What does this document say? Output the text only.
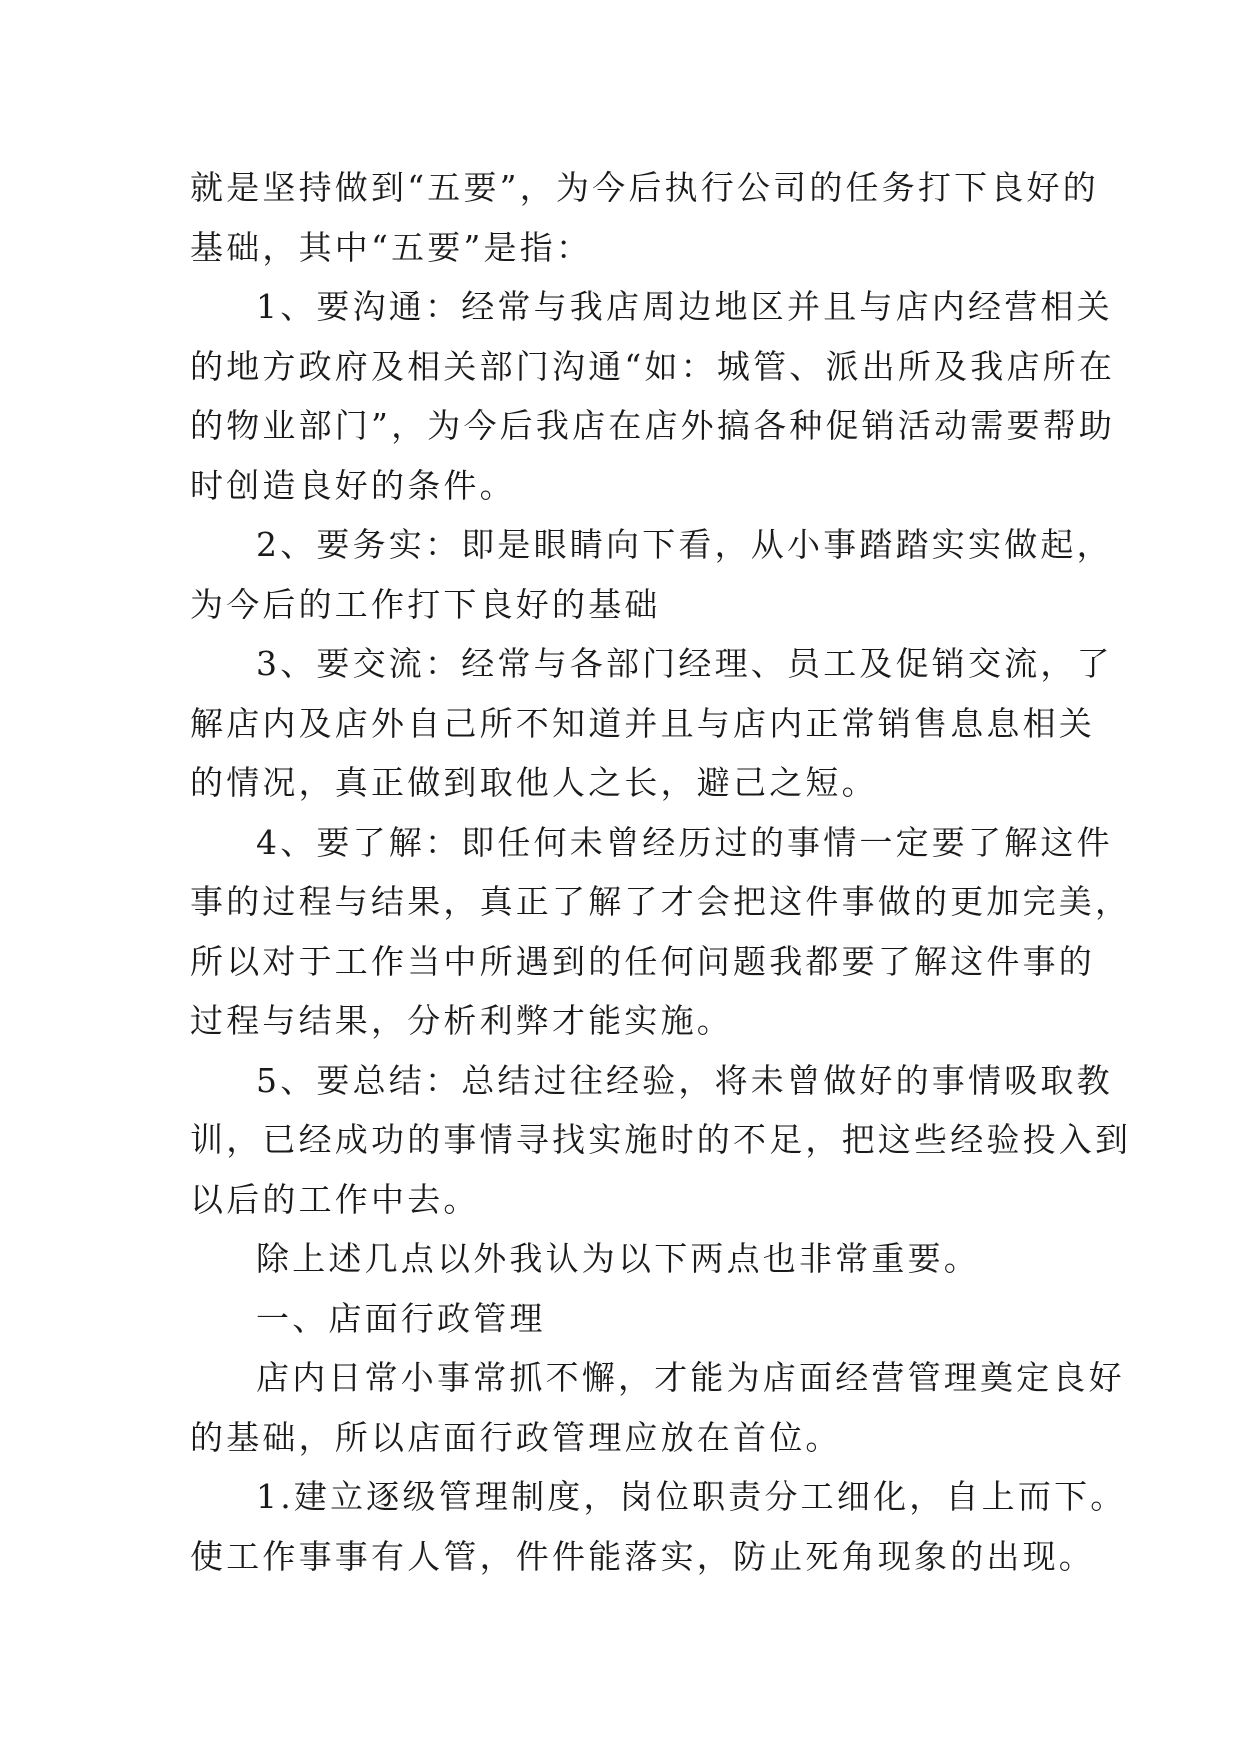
就是坚持做到“五要”，为今后执行公司的任务打下良好的
基础，其中“五要”是指：
1、要沟通：经常与我店周边地区并且与店内经营相关
的地方政府及相关部门沟通“如：城管、派出所及我店所在
的物业部门”，为今后我店在店外搞各种促销活动需要帮助
时创造良好的条件。
2、要务实：即是眼睛向下看，从小事踏踏实实做起，
为今后的工作打下良好的基础
3、要交流：经常与各部门经理、员工及促销交流，了
解店内及店外自己所不知道并且与店内正常销售息息相关
的情况，真正做到取他人之长，避己之短。
4、要了解：即任何未曾经历过的事情一定要了解这件
事的过程与结果，真正了解了才会把这件事做的更加完美，
所以对于工作当中所遇到的任何问题我都要了解这件事的
过程与结果，分析利弊才能实施。
5、要总结：总结过往经验，将未曾做好的事情吸取教
训，已经成功的事情寻找实施时的不足，把这些经验投入到
以后的工作中去。
除上述几点以外我认为以下两点也非常重要。
一、店面行政管理
店内日常小事常抓不懈，才能为店面经营管理奠定良好
的基础，所以店面行政管理应放在首位。
1.建立逐级管理制度，岗位职责分工细化，自上而下。
使工作事事有人管，件件能落实，防止死角现象的出现。
